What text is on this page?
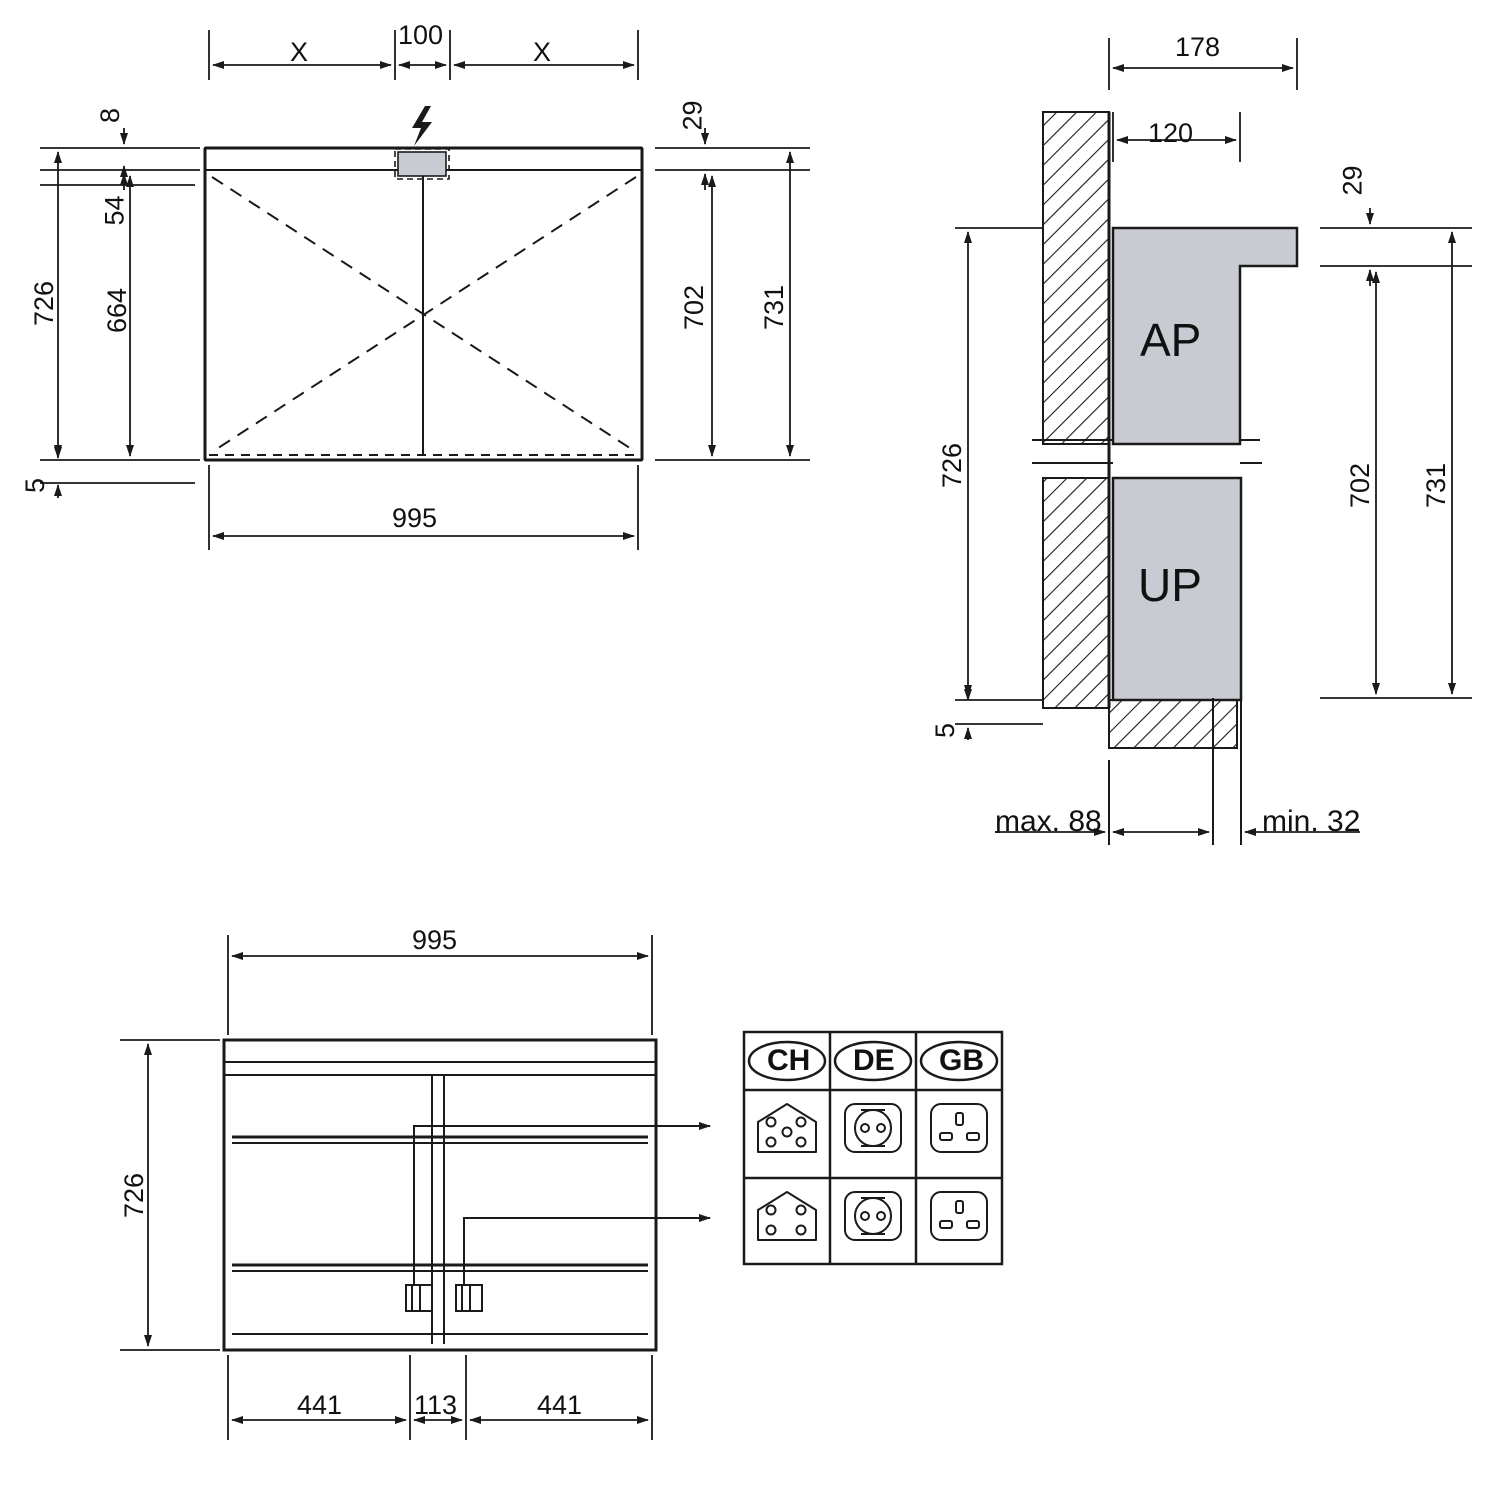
X
100
X
8
54
664
726
5
995
29
702 731
178
120
29
726
5
702 731
AP
UP
max. 88	min. 32
995
726
441	113	441
CH DE GB
